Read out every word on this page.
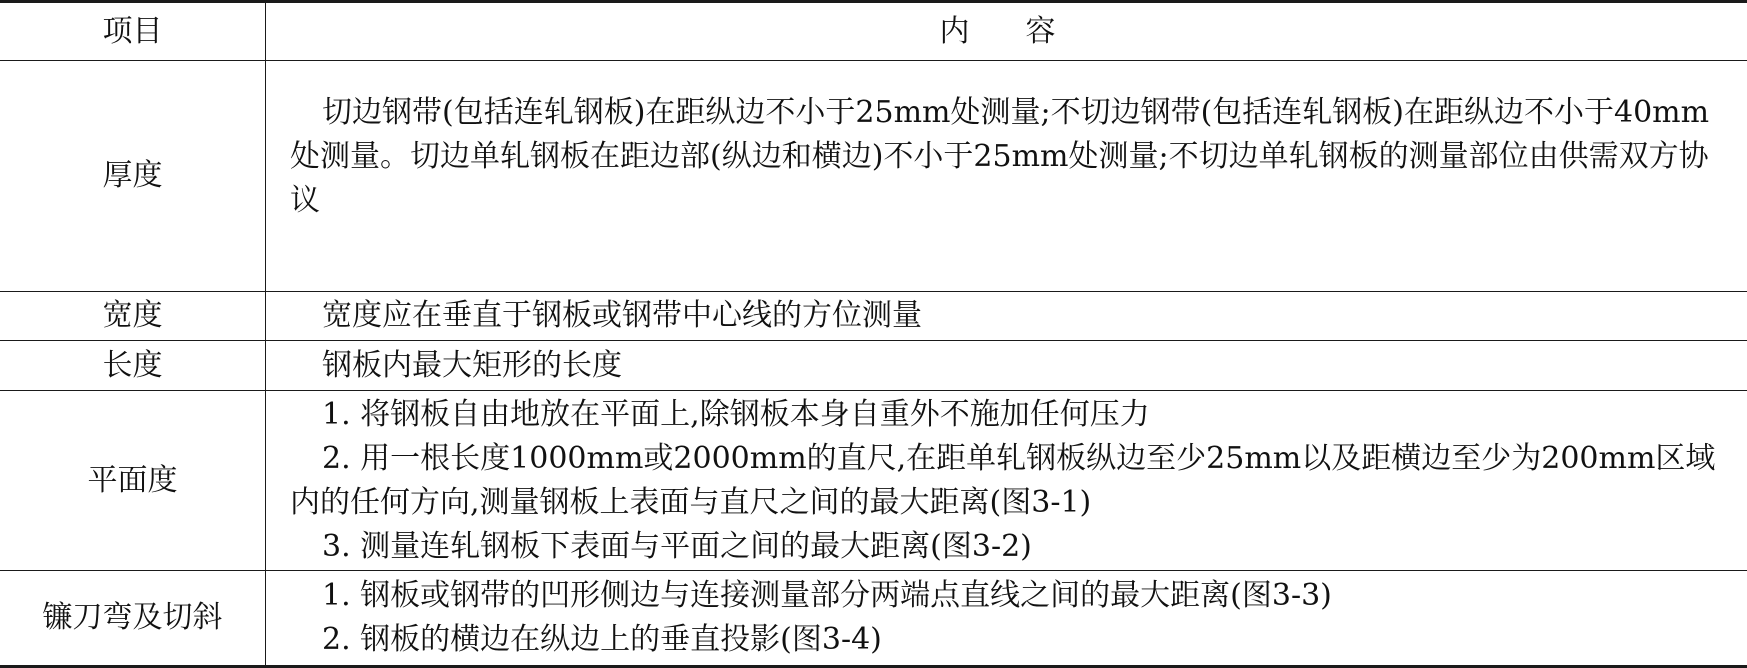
项目	内容
厚度	切边钢带(包括连轧钢板)在距纵边不小于25mm处测量;不切边钢带(包括连轧钢板)在距纵边不小于40mm处测量。切边单轧钢板在距边部(纵边和横边)不小于25mm处测量;不切边单轧钢板的测量部位由供需双方协议

宽度	宽度应在垂直于钢板或钢带中心线的方位测量

长度	钢板内最大矩形的长度

平面度	1. 将钢板自由地放在平面上,除钢板本身自重外不施加任何压力

2. 用一根长度1000mm或2000mm的直尺,在距单轧钢板纵边至少25mm以及距横边至少为200mm区域内的任何方向,测量钢板上表面与直尺之间的最大距离(图3-1)

3. 测量连轧钢板下表面与平面之间的最大距离(图3-2)

镰刀弯及切斜	1. 钢板或钢带的凹形侧边与连接测量部分两端点直线之间的最大距离(图3-3)

2. 钢板的横边在纵边上的垂直投影(图3-4)
